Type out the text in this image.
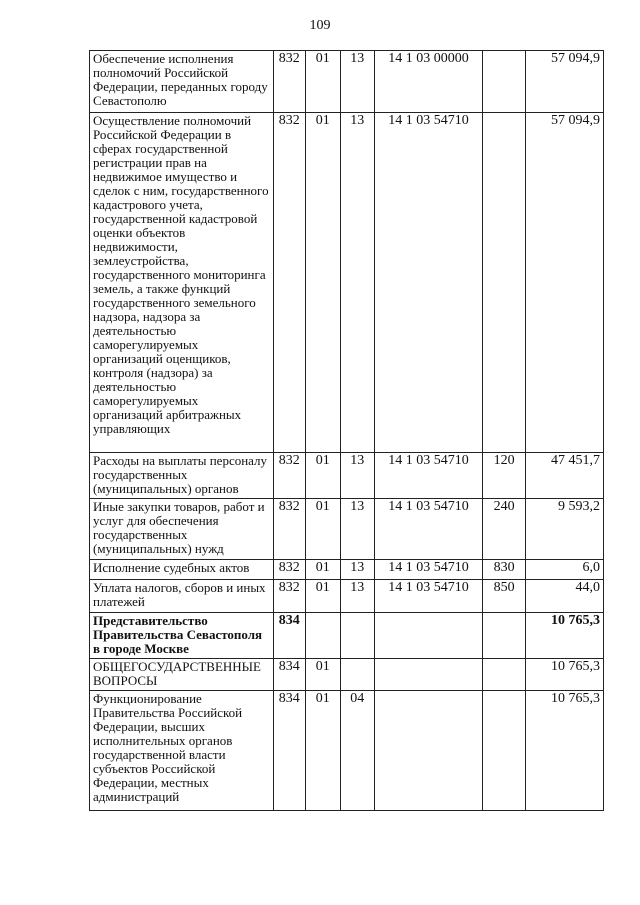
109
Обеспечение исполнения полномочий Российской Федерации, переданных городу Севастополю	832	01	13	14 1 03 00000		57 094,9

Осуществление полномочий Российской Федерации в сферах государственной регистрации прав на недвижимое имущество и сделок с ним, государственного кадастрового учета, государственной кадастровой оценки объектов недвижимости, землеустройства, государственного мониторинга земель, а также функций государственного земельного надзора, надзора за деятельностью саморегулируемых организаций оценщиков, контроля (надзора) за деятельностью саморегулируемых организаций арбитражных управляющих	832	01	13	14 1 03 54710		57 094,9

Расходы на выплаты персоналу государственных (муниципальных) органов	832	01	13	14 1 03 54710	120	47 451,7

Иные закупки товаров, работ и услуг для обеспечения государственных (муниципальных) нужд	832	01	13	14 1 03 54710	240	9 593,2

Исполнение судебных актов	832	01	13	14 1 03 54710	830	6,0

Уплата налогов, сборов и иных платежей	832	01	13	14 1 03 54710	850	44,0

Представительство Правительства Севастополя в городе Москве	834					10 765,3

ОБЩЕГОСУДАРСТВЕННЫЕ ВОПРОСЫ	834	01				10 765,3

Функционирование Правительства Российской Федерации, высших исполнительных органов государственной власти субъектов Российской Федерации, местных администраций	834	01	04			10 765,3
